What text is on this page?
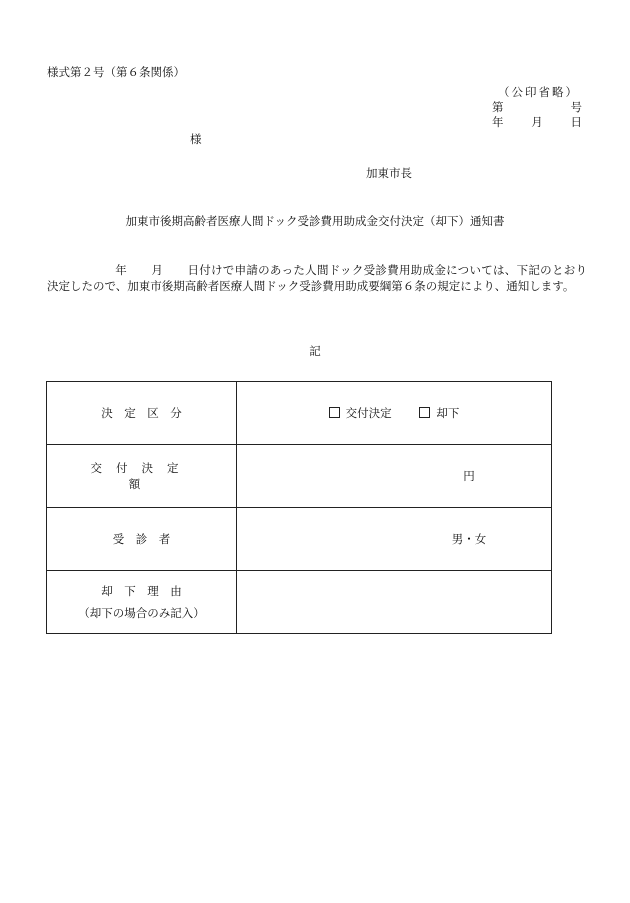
様式第２号（第６条関係）
（公印省略）
第	号
年 月 日
様
加東市長
加東市後期高齢者医療人間ドック受診費用助成金交付決定（却下）通知書
年 月 日付けで申請のあった人間ドック受診費用助成金については、下記のとおり決定したので、加東市後期高齢者医療人間ドック受診費用助成要綱第６条の規定により、通知します。
記
決　定　区　分	交付決定 却下
交付決定額	円
受　診　者	男・女

却　下　理　由
（却下の場合のみ記入）	
